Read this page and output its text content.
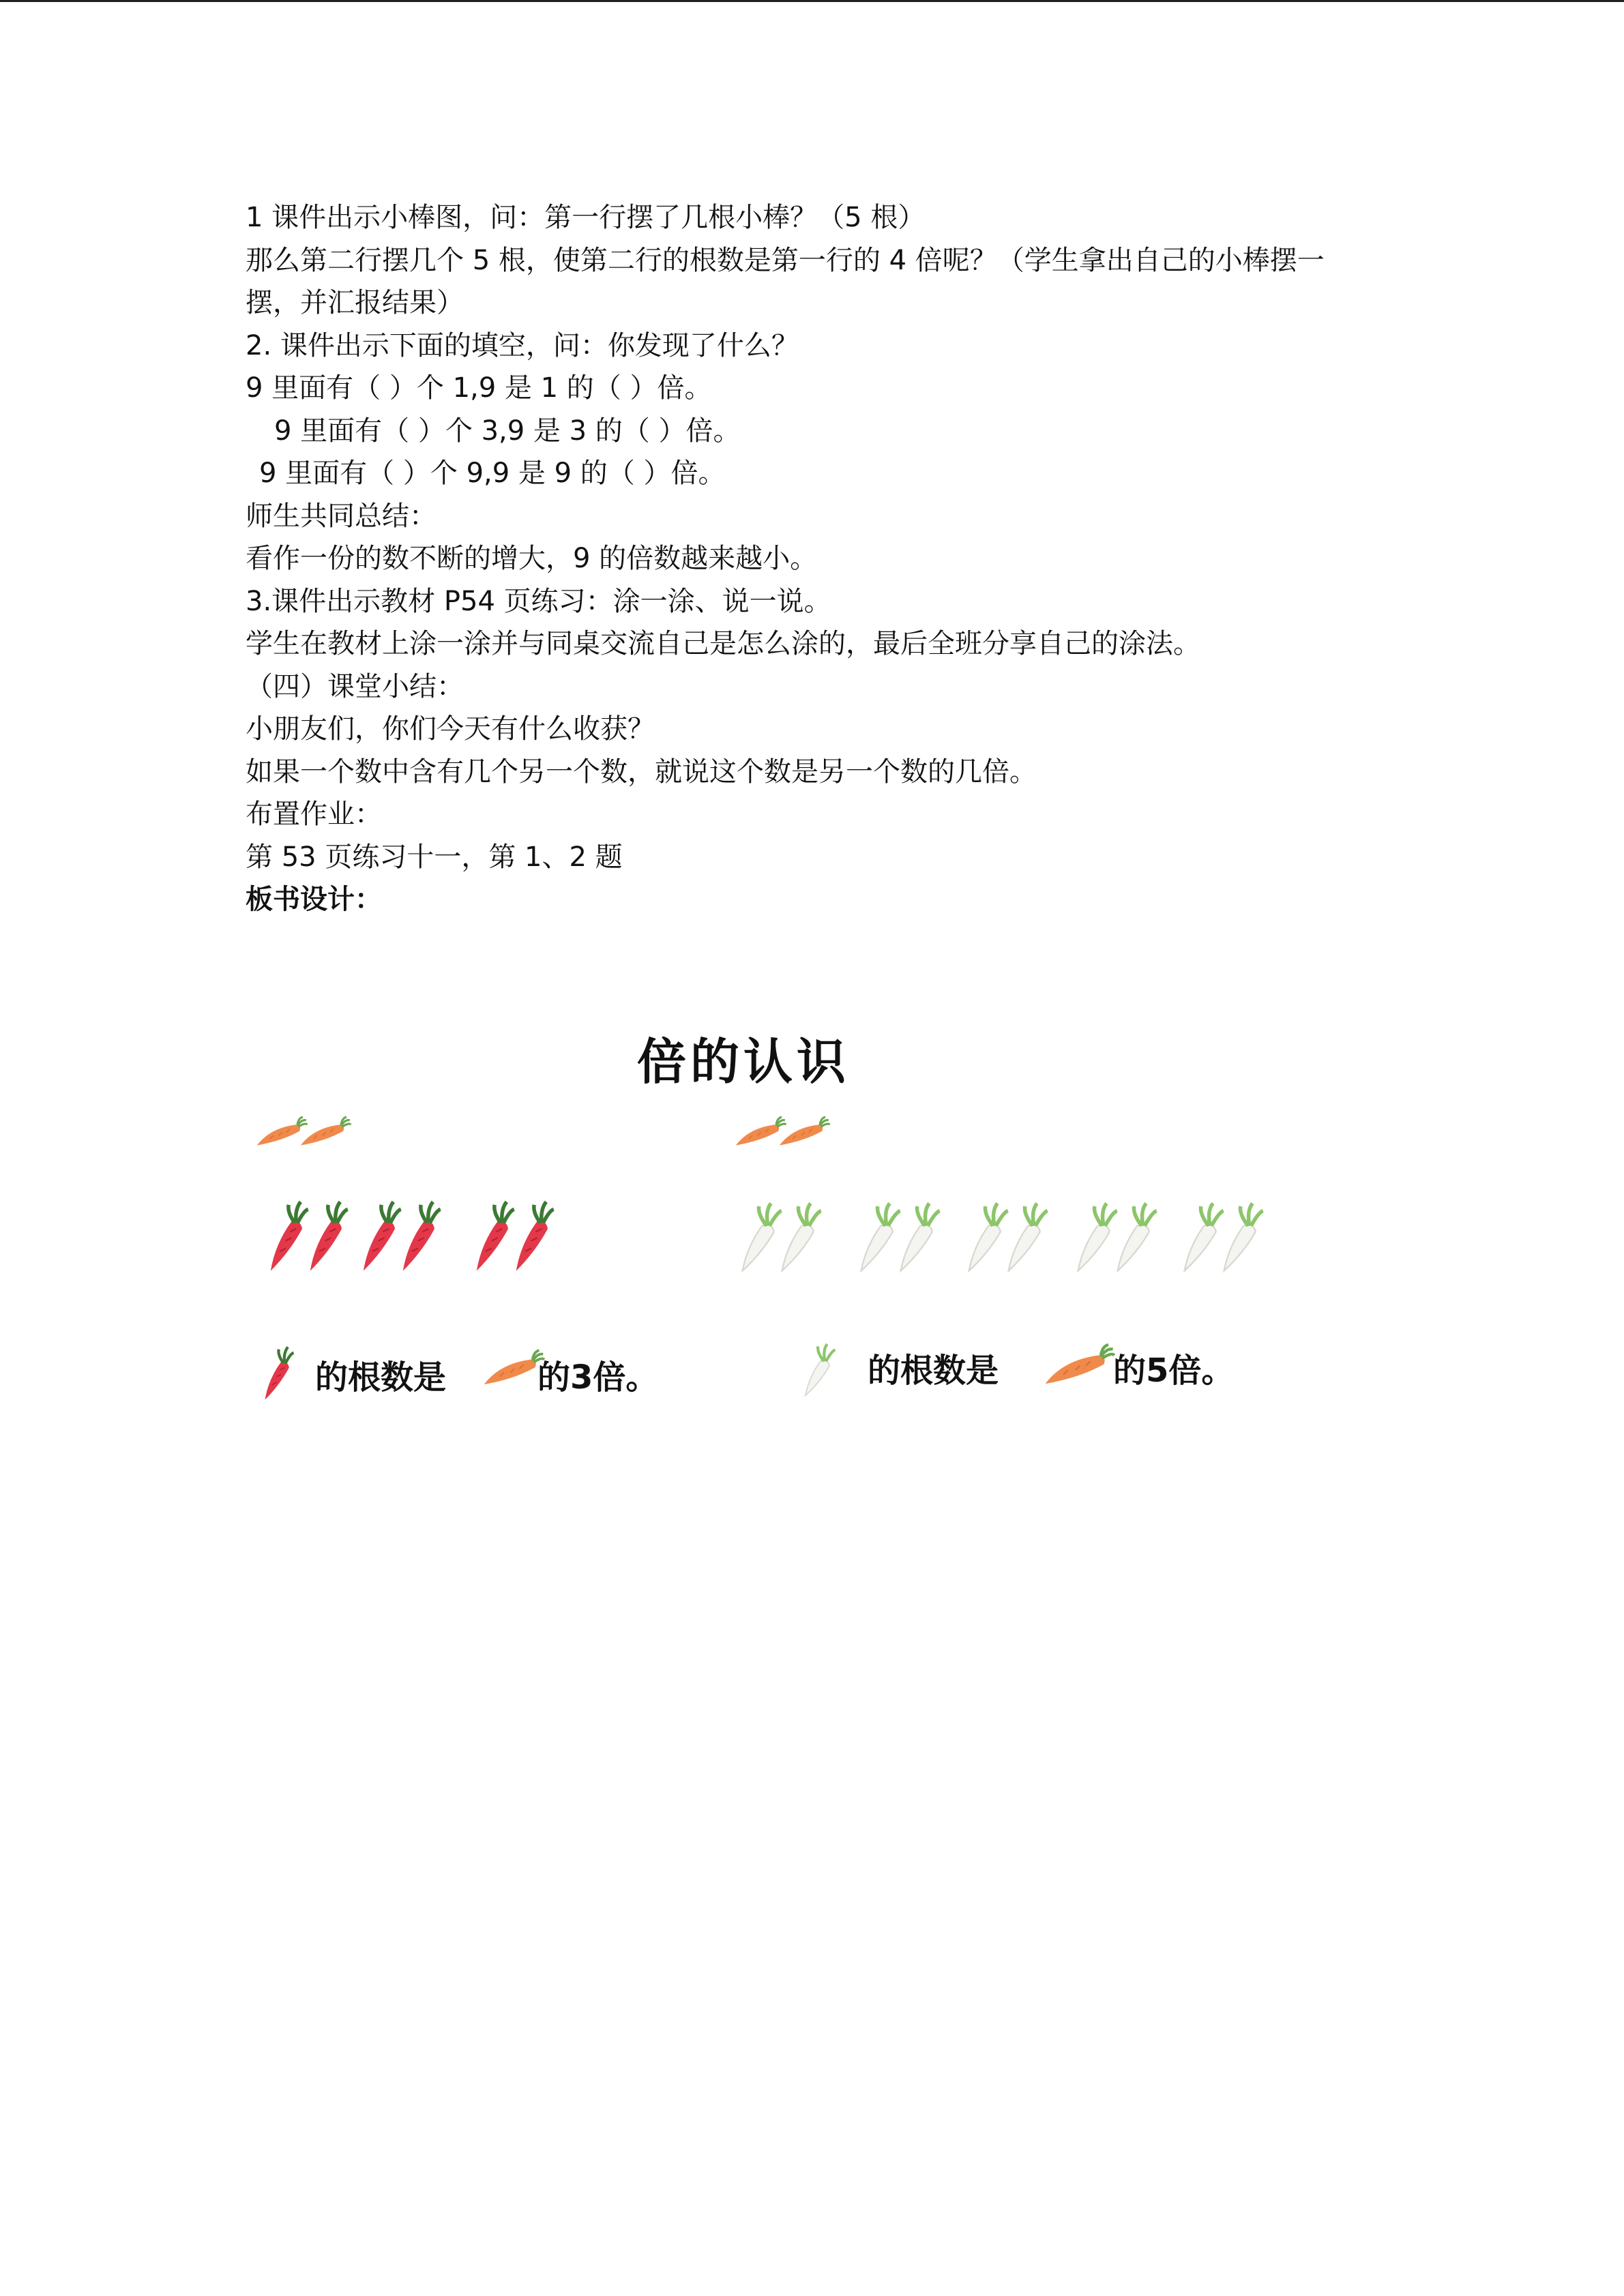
1 课件出示小棒图，问：第一行摆了几根小棒？（5 根）

那么第二行摆几个 5 根，使第二行的根数是第一行的 4 倍呢？（学生拿出自己的小棒摆一

摆，并汇报结果）

2. 课件出示下面的填空，问：你发现了什么？

9 里面有（ ）个 1,9 是 1 的（ ）倍。

9 里面有（ ）个 3,9 是 3 的（ ）倍。

9 里面有（ ）个 9,9 是 9 的（ ）倍。

师生共同总结：

看作一份的数不断的增大，9 的倍数越来越小。

3.课件出示教材 P54 页练习：涂一涂、说一说。

学生在教材上涂一涂并与同桌交流自己是怎么涂的，最后全班分享自己的涂法。

（四）课堂小结：

小朋友们，你们今天有什么收获？

如果一个数中含有几个另一个数，就说这个数是另一个数的几倍。

布置作业：

第 53 页练习十一，第 1、2 题

板书设计：

倍的认识
的根数是	的3倍。	的根数是	的5倍。
